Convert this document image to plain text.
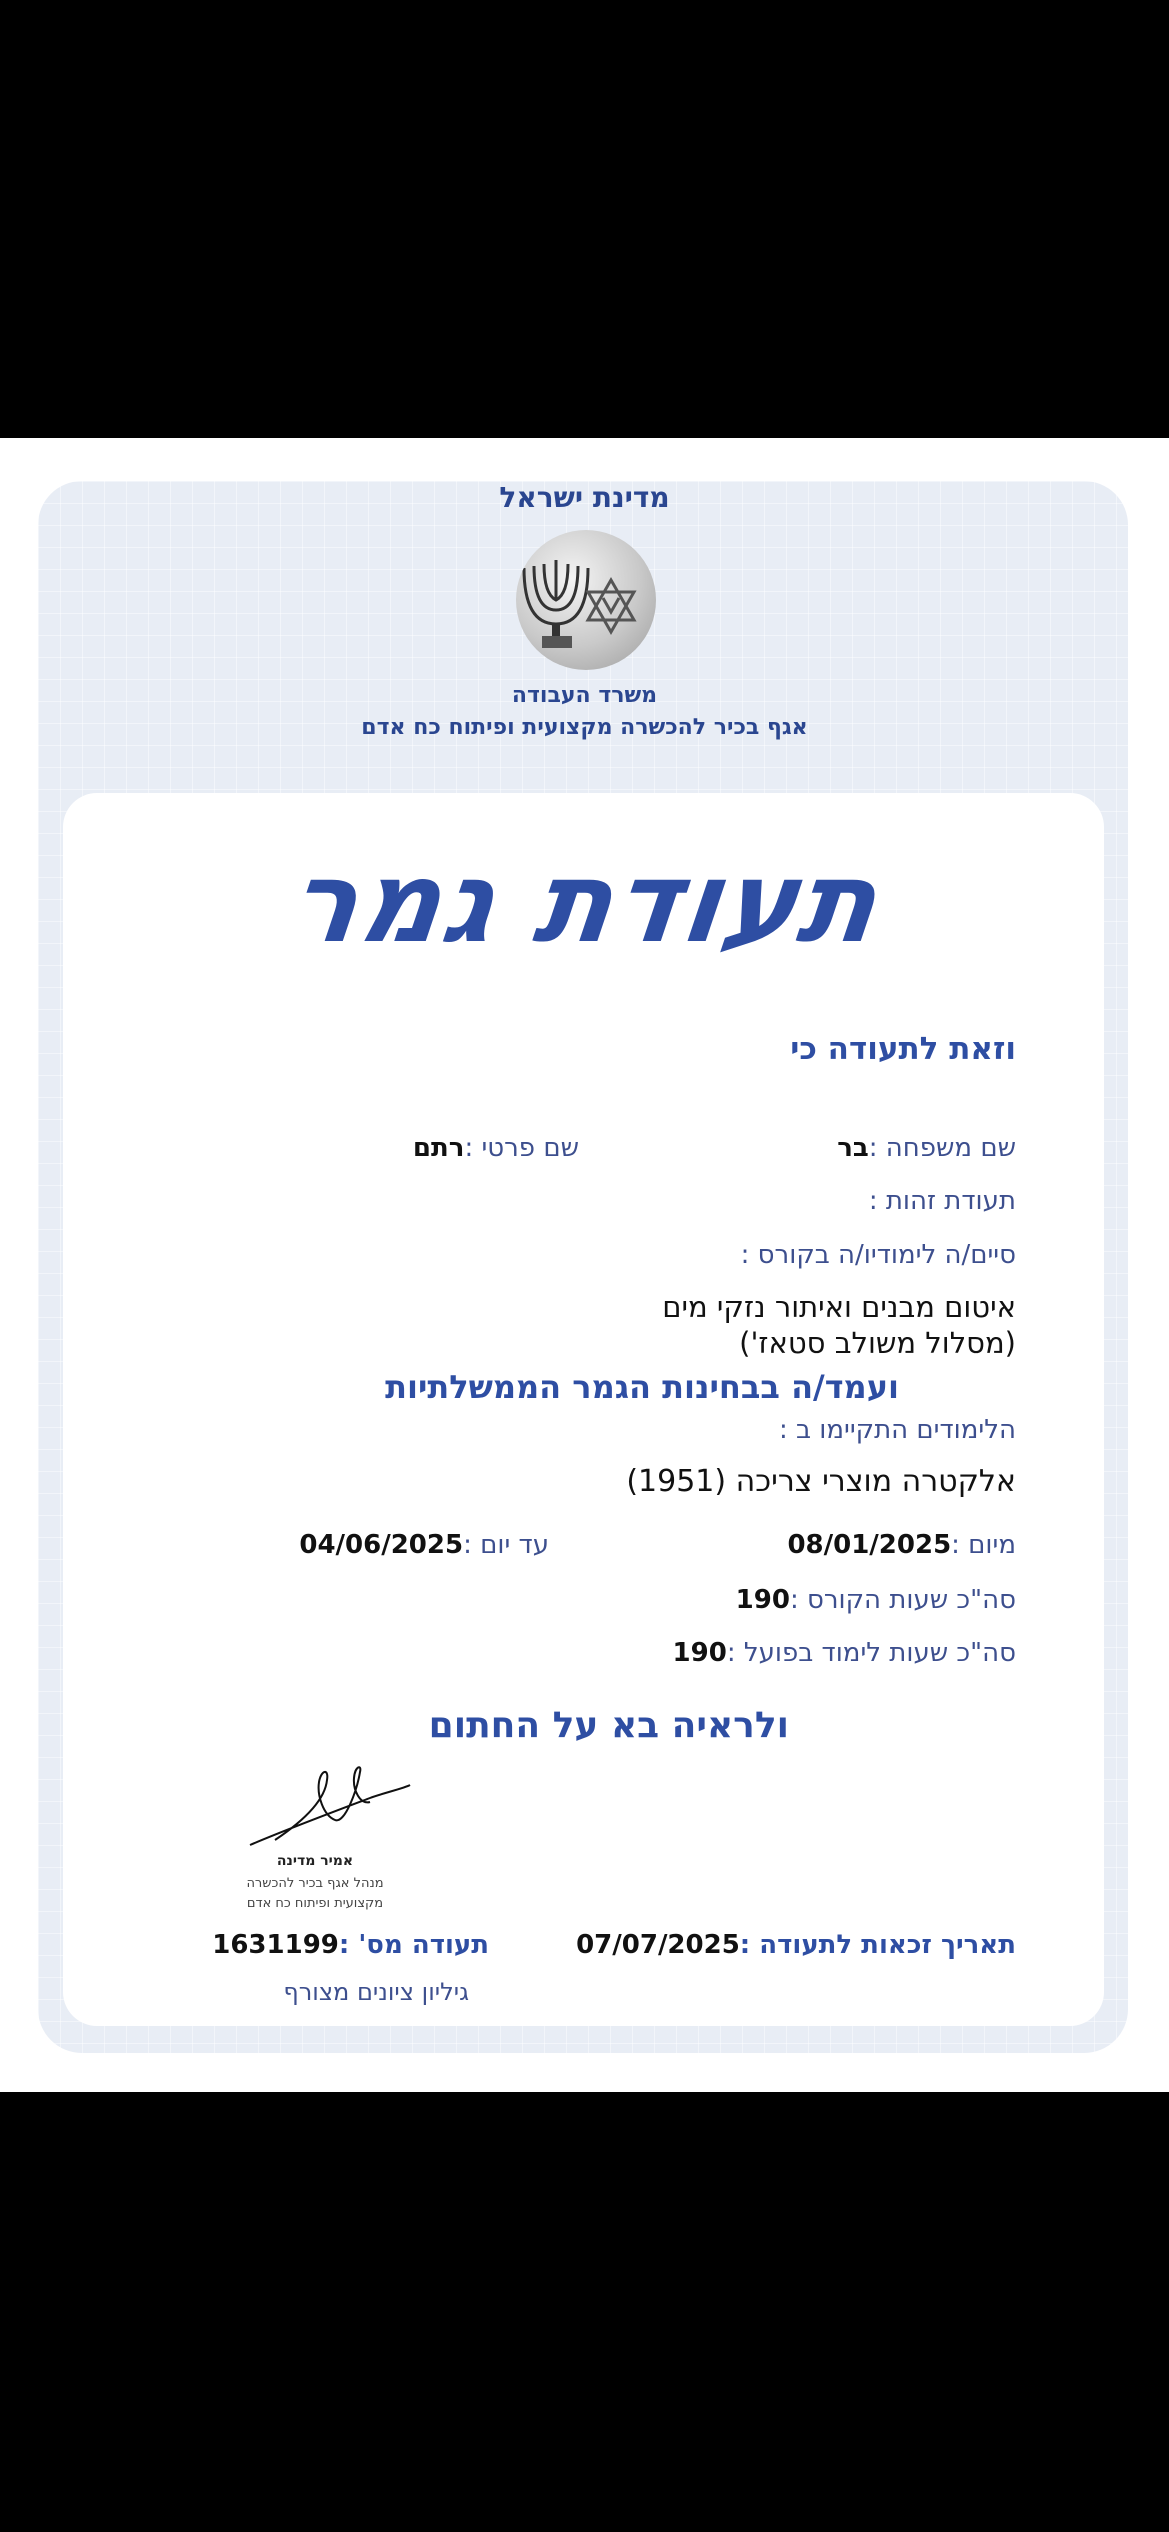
מדינת ישראל
משרד העבודה
אגף בכיר להכשרה מקצועית ופיתוח כח אדם
תעודת גמר
וזאת לתעודה כי
שם משפחה :בר
שם פרטי :רתם
תעודת זהות :
סיים/ה לימודיו/ה בקורס :
איטום מבנים ואיתור נזקי מים
(מסלול משולב סטאז')
ועמד/ה בבחינות הגמר הממשלתיות
הלימודים התקיימו ב :
אלקטרה מוצרי צריכה (1951)
מיום :08/01/2025
עד יום :04/06/2025
סה"כ שעות הקורס :190
סה"כ שעות לימוד בפועל :190
ולראיה בא על החתום
אמיר מדינה
מנהל אגף בכיר להכשרה
מקצועית ופיתוח כח אדם
תאריך זכאות לתעודה :07/07/2025
תעודה מס' :1631199
גיליון ציונים מצורף
